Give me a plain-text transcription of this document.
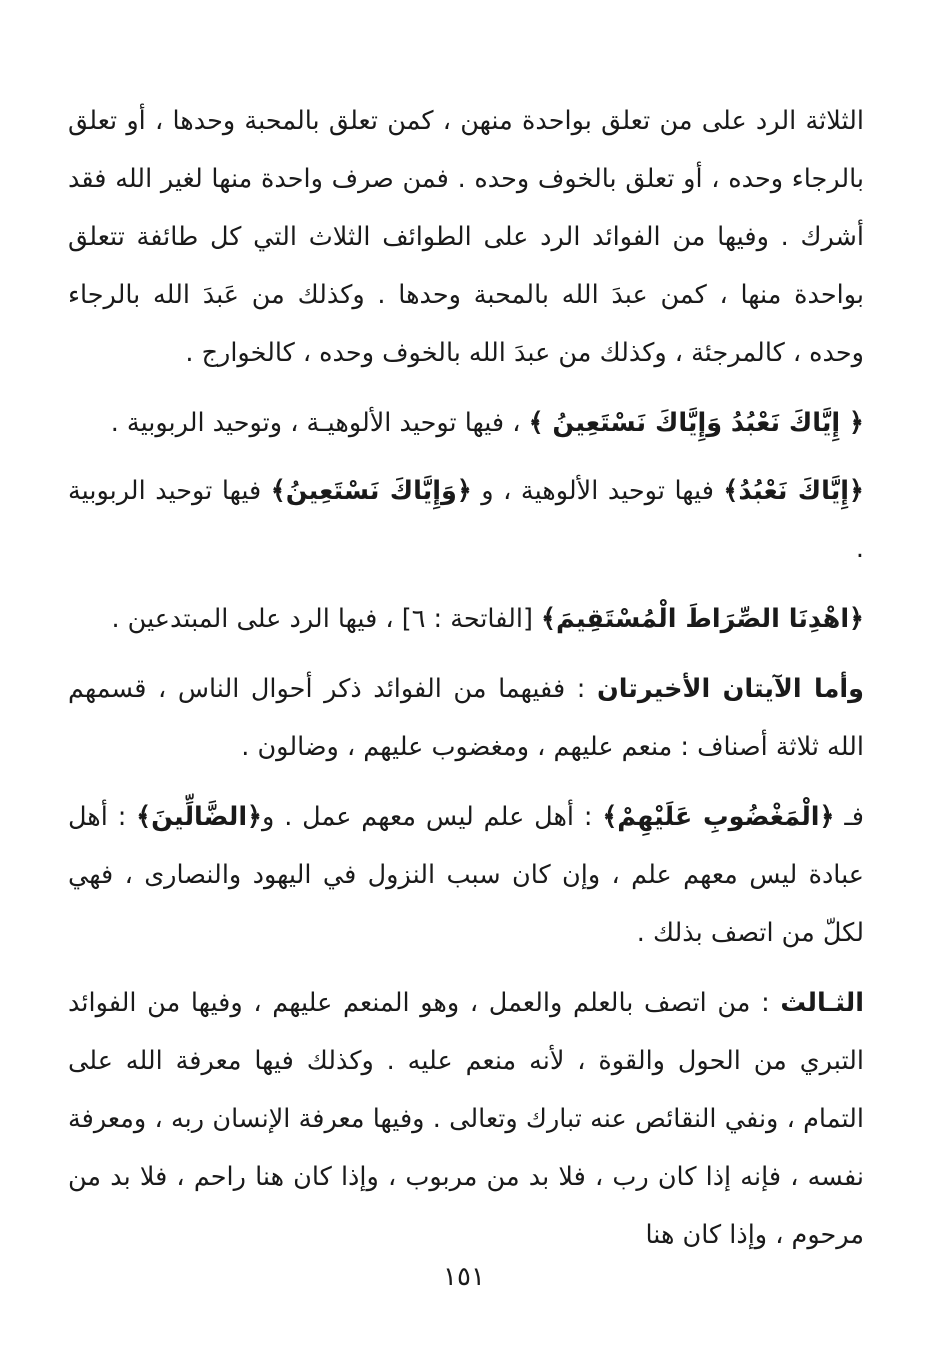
الثلاثة الرد على من تعلق بواحدة منهن ، كمن تعلق بالمحبة وحدها ، أو تعلق بالرجاء وحده ، أو تعلق بالخوف وحده . فمن صرف واحدة منها لغير الله فقد أشرك . وفيها من الفوائد الرد على الطوائف الثلاث التي كل طائفة تتعلق بواحدة منها ، كمن عبدَ الله بالمحبة وحدها . وكذلك من عَبدَ الله بالرجاء وحده ، كالمرجئة ، وكذلك من عبدَ الله بالخوف وحده ، كالخوارج .

﴿ إِيَّاكَ نَعْبُدُ وَإِيَّاكَ نَسْتَعِينُ ﴾ ، فيها توحيد الألوهيـة ، وتوحيد الربوبية .

﴿إِيَّاكَ نَعْبُدُ﴾ فيها توحيد الألوهية ، و ﴿وَإِيَّاكَ نَسْتَعِينُ﴾ فيها توحيد الربوبية .

﴿اهْدِنَا الصِّرَاطَ الْمُسْتَقِيمَ﴾ [الفاتحة : ٦] ، فيها الرد على المبتدعين .

وأما الآيتان الأخيرتان : ففيهما من الفوائد ذكر أحوال الناس ، قسمهم الله ثلاثة أصناف : منعم عليهم ، ومغضوب عليهم ، وضالون .

فـ ﴿الْمَغْضُوبِ عَلَيْهِمْ﴾ : أهل علم ليس معهم عمل . و﴿الضَّالِّينَ﴾ : أهل عبادة ليس معهم علم ، وإن كان سبب النزول في اليهود والنصارى ، فهي لكلّ من اتصف بذلك .

الثـالث : من اتصف بالعلم والعمل ، وهو المنعم عليهم ، وفيها من الفوائد التبري من الحول والقوة ، لأنه منعم عليه . وكذلك فيها معرفة الله على التمام ، ونفي النقائص عنه تبارك وتعالى . وفيها معرفة الإنسان ربه ، ومعرفة نفسه ، فإنه إذا كان رب ، فلا بد من مربوب ، وإذا كان هنا راحم ، فلا بد من مرحوم ، وإذا كان هنا

١٥١
